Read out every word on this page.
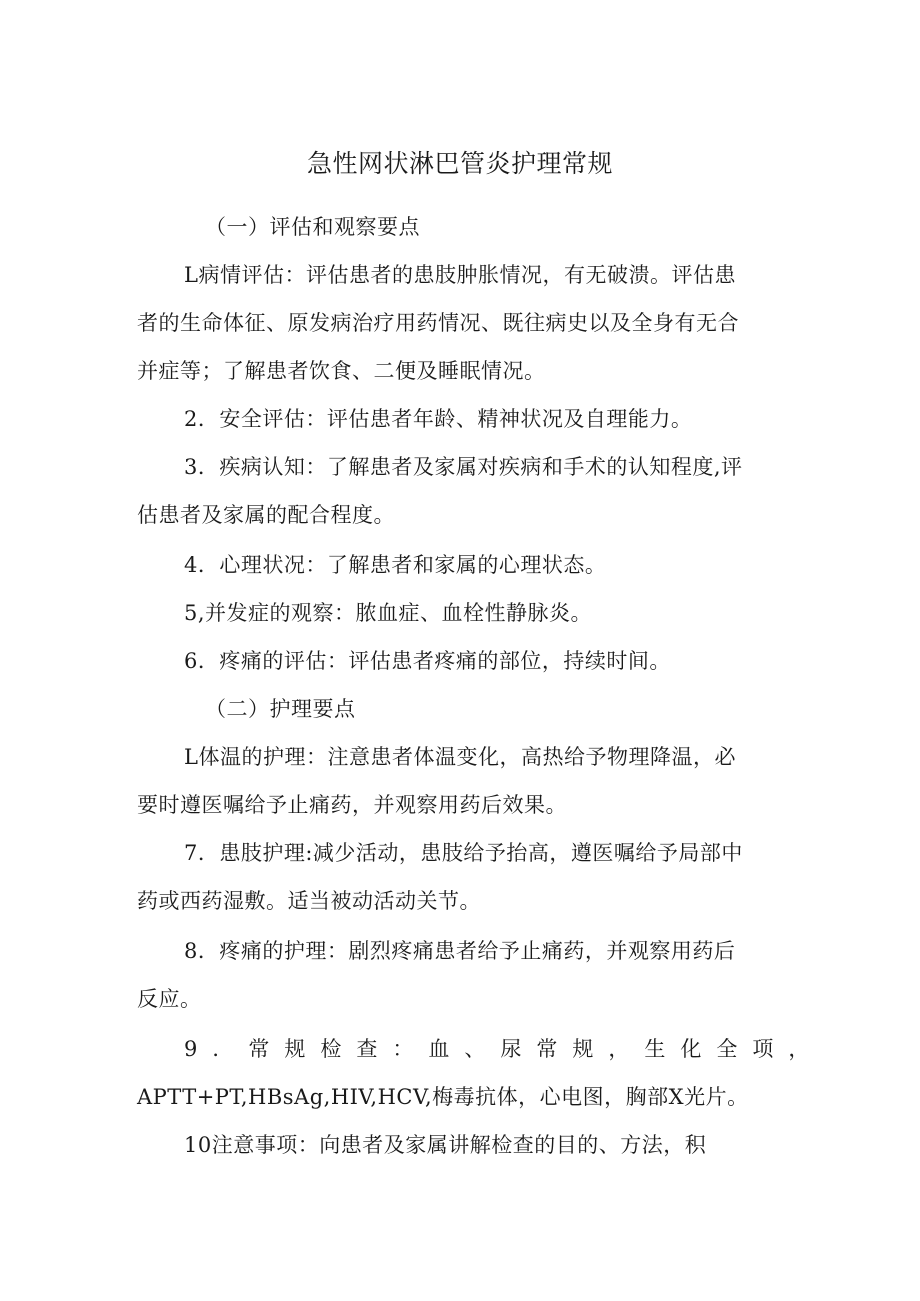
急性网状淋巴管炎护理常规
（一）评估和观察要点
L病情评估：评估患者的患肢肿胀情况，有无破溃。评估患
者的生命体征、原发病治疗用药情况、既往病史以及全身有无合
并症等；了解患者饮食、二便及睡眠情况。
2．安全评估：评估患者年龄、精神状况及自理能力。
3．疾病认知：了解患者及家属对疾病和手术的认知程度,评
估患者及家属的配合程度。
4．心理状况：了解患者和家属的心理状态。
5,并发症的观察：脓血症、血栓性静脉炎。
6．疼痛的评估：评估患者疼痛的部位，持续时间。
（二）护理要点
L体温的护理：注意患者体温变化，高热给予物理降温，必
要时遵医嘱给予止痛药，并观察用药后效果。
7．患肢护理:减少活动，患肢给予抬高，遵医嘱给予局部中
药或西药湿敷。适当被动活动关节。
8．疼痛的护理：剧烈疼痛患者给予止痛药，并观察用药后
反应。
9．常规检查：血、尿常规，生化全项，
APTT+PT,HBsAg,HIV,HCV,梅毒抗体，心电图，胸部X光片。
10注意事项：向患者及家属讲解检查的目的、方法，积
